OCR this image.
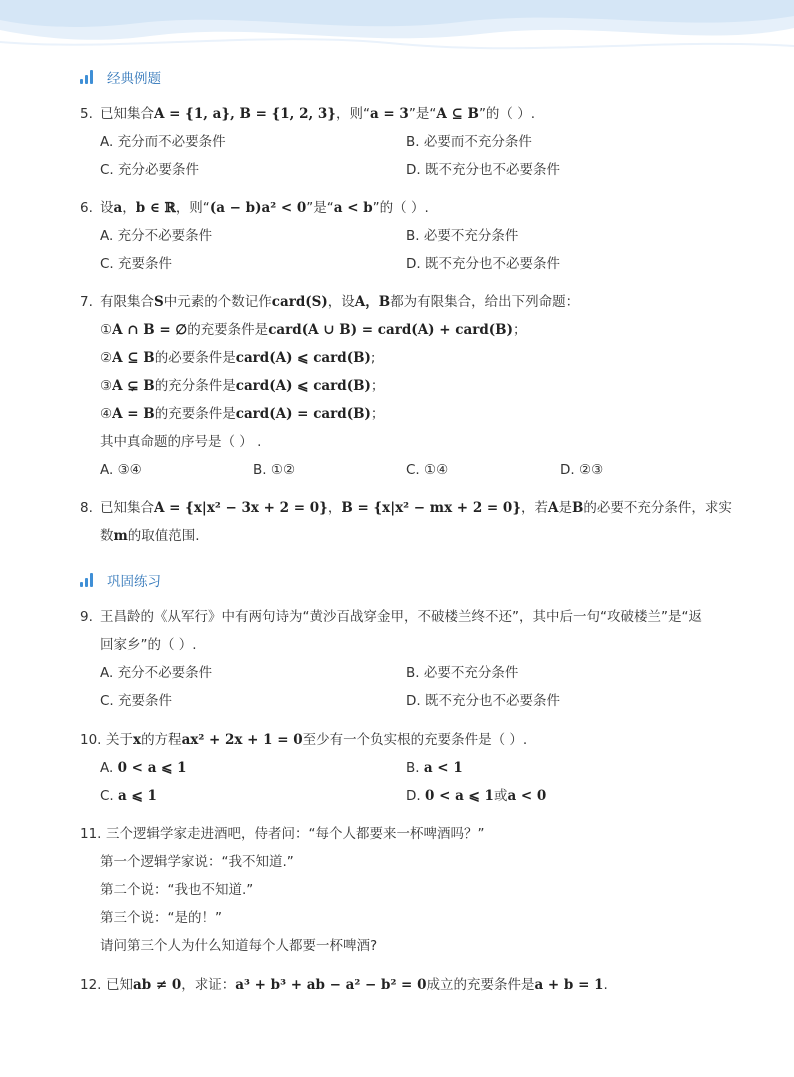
经典例题
5. 已知集合A = {1, a}, B = {1, 2, 3}，则“a = 3”是“A ⊆ B”的（ ）.
A. 充分而不必要条件	B. 必要而不充分条件
C. 充分必要条件	D. 既不充分也不必要条件
6. 设a，b ∈ ℝ，则“(a − b)a² < 0”是“a < b”的（ ）.
A. 充分不必要条件	B. 必要不充分条件
C. 充要条件	D. 既不充分也不必要条件
7. 有限集合S中元素的个数记作card(S)，设A，B都为有限集合，给出下列命题：
①A ∩ B = ∅的充要条件是card(A ∪ B) = card(A) + card(B)；
②A ⊆ B的必要条件是card(A) ⩽ card(B);
③A ⊊ B的充分条件是card(A) ⩽ card(B)；
④A = B的充要条件是card(A) = card(B)；
其中真命题的序号是（ ） .
A. ③④	B. ①②	C. ①④	D. ②③
8. 已知集合A = {x|x² − 3x + 2 = 0}，B = {x|x² − mx + 2 = 0}，若A是B的必要不充分条件，求实
数m的取值范围.
巩固练习
9. 王昌龄的《从军行》中有两句诗为“黄沙百战穿金甲，不破楼兰终不还”，其中后一句“攻破楼兰”是“返
回家乡”的（ ）.
A. 充分不必要条件	B. 必要不充分条件
C. 充要条件	D. 既不充分也不必要条件
10. 关于x的方程ax² + 2x + 1 = 0至少有一个负实根的充要条件是（ ）.
A. 0 < a ⩽ 1	B. a < 1
C. a ⩽ 1	D. 0 < a ⩽ 1或a < 0
11. 三个逻辑学家走进酒吧，侍者问：“每个人都要来一杯啤酒吗？”
第一个逻辑学家说：“我不知道.”
第二个说：“我也不知道.”
第三个说：“是的！”
请问第三个人为什么知道每个人都要一杯啤酒?
12. 已知ab ≠ 0，求证：a³ + b³ + ab − a² − b² = 0成立的充要条件是a + b = 1.
